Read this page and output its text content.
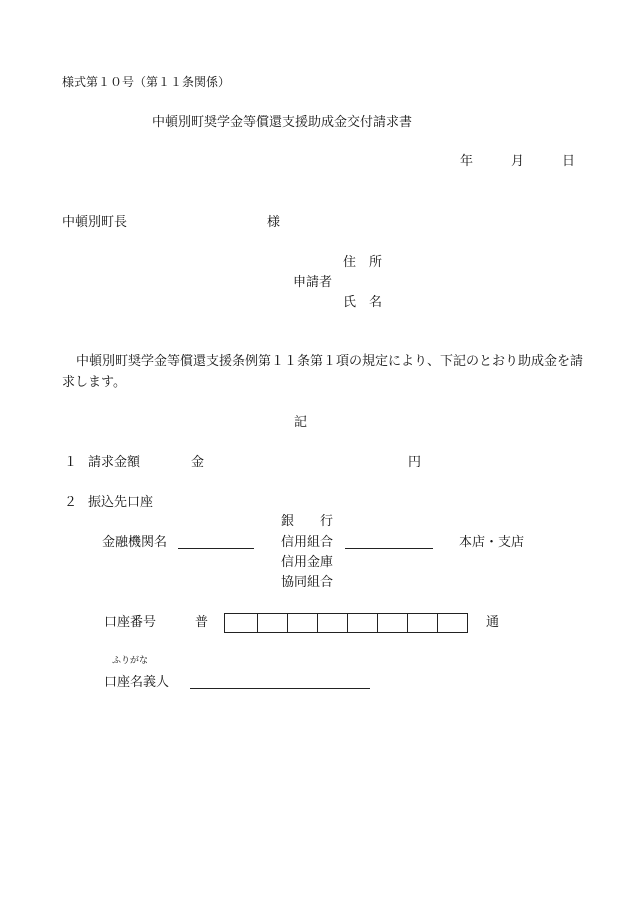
様式第１０号（第１１条関係）
中頓別町奨学金等償還支援助成金交付請求書
年	月	日
中頓別町長	様
住　所
申請者
氏　名
中頓別町奨学金等償還支援条例第１１条第１項の規定により、下記のとおり助成金を請
求します。
記
１ 請求金額	金	円
２ 振込先口座
銀　　行
金融機関名	信用組合	本店・支店
信用金庫
協同組合
口座番号	普	通
ふりがな
口座名義人
